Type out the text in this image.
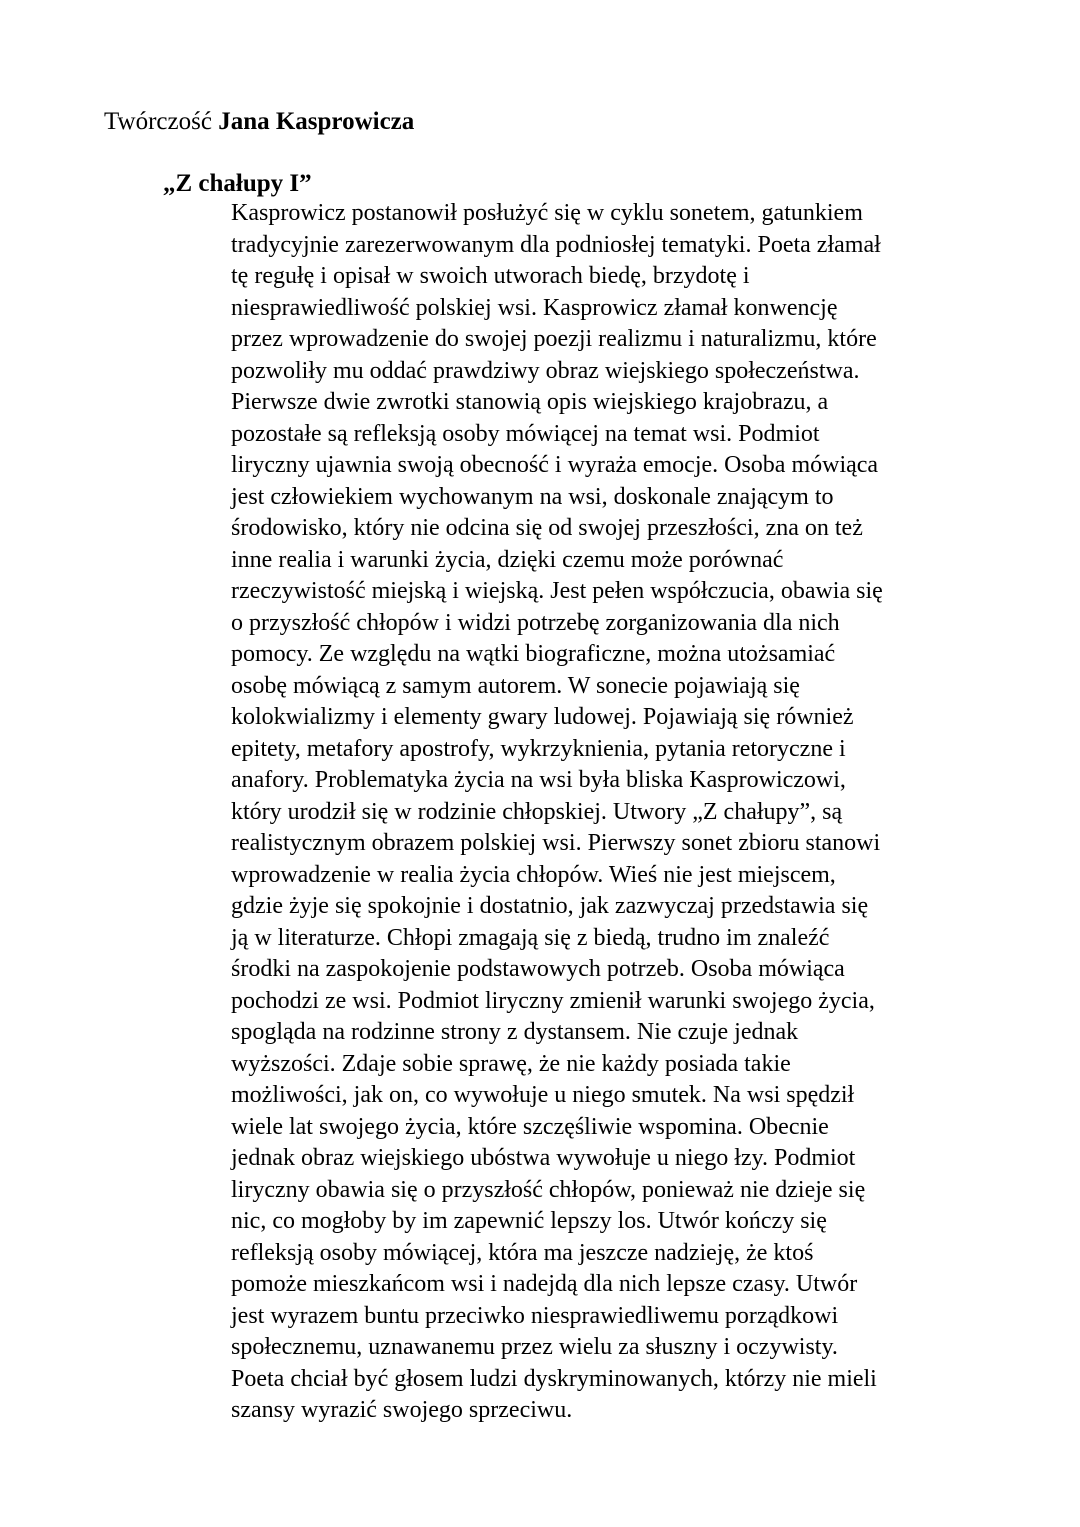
Twórczość Jana Kasprowicza
„Z chałupy I”
Kasprowicz postanowił posłużyć się w cyklu sonetem, gatunkiem
tradycyjnie zarezerwowanym dla podniosłej tematyki. Poeta złamał
tę regułę i opisał w swoich utworach biedę, brzydotę i
niesprawiedliwość polskiej wsi. Kasprowicz złamał konwencję
przez wprowadzenie do swojej poezji realizmu i naturalizmu, które
pozwoliły mu oddać prawdziwy obraz wiejskiego społeczeństwa.
Pierwsze dwie zwrotki stanowią opis wiejskiego krajobrazu, a
pozostałe są refleksją osoby mówiącej na temat wsi. Podmiot
liryczny ujawnia swoją obecność i wyraża emocje. Osoba mówiąca
jest człowiekiem wychowanym na wsi, doskonale znającym to
środowisko, który nie odcina się od swojej przeszłości, zna on też
inne realia i warunki życia, dzięki czemu może porównać
rzeczywistość miejską i wiejską. Jest pełen współczucia, obawia się
o przyszłość chłopów i widzi potrzebę zorganizowania dla nich
pomocy. Ze względu na wątki biograficzne, można utożsamiać
osobę mówiącą z samym autorem. W sonecie pojawiają się
kolokwializmy i elementy gwary ludowej. Pojawiają się również
epitety, metafory apostrofy, wykrzyknienia, pytania retoryczne i
anafory. Problematyka życia na wsi była bliska Kasprowiczowi,
który urodził się w rodzinie chłopskiej. Utwory „Z chałupy”, są
realistycznym obrazem polskiej wsi. Pierwszy sonet zbioru stanowi
wprowadzenie w realia życia chłopów. Wieś nie jest miejscem,
gdzie żyje się spokojnie i dostatnio, jak zazwyczaj przedstawia się
ją w literaturze. Chłopi zmagają się z biedą, trudno im znaleźć
środki na zaspokojenie podstawowych potrzeb. Osoba mówiąca
pochodzi ze wsi. Podmiot liryczny zmienił warunki swojego życia,
spogląda na rodzinne strony z dystansem. Nie czuje jednak
wyższości. Zdaje sobie sprawę, że nie każdy posiada takie
możliwości, jak on, co wywołuje u niego smutek. Na wsi spędził
wiele lat swojego życia, które szczęśliwie wspomina. Obecnie
jednak obraz wiejskiego ubóstwa wywołuje u niego łzy. Podmiot
liryczny obawia się o przyszłość chłopów, ponieważ nie dzieje się
nic, co mogłoby by im zapewnić lepszy los. Utwór kończy się
refleksją osoby mówiącej, która ma jeszcze nadzieję, że ktoś
pomoże mieszkańcom wsi i nadejdą dla nich lepsze czasy. Utwór
jest wyrazem buntu przeciwko niesprawiedliwemu porządkowi
społecznemu, uznawanemu przez wielu za słuszny i oczywisty.
Poeta chciał być głosem ludzi dyskryminowanych, którzy nie mieli
szansy wyrazić swojego sprzeciwu.
